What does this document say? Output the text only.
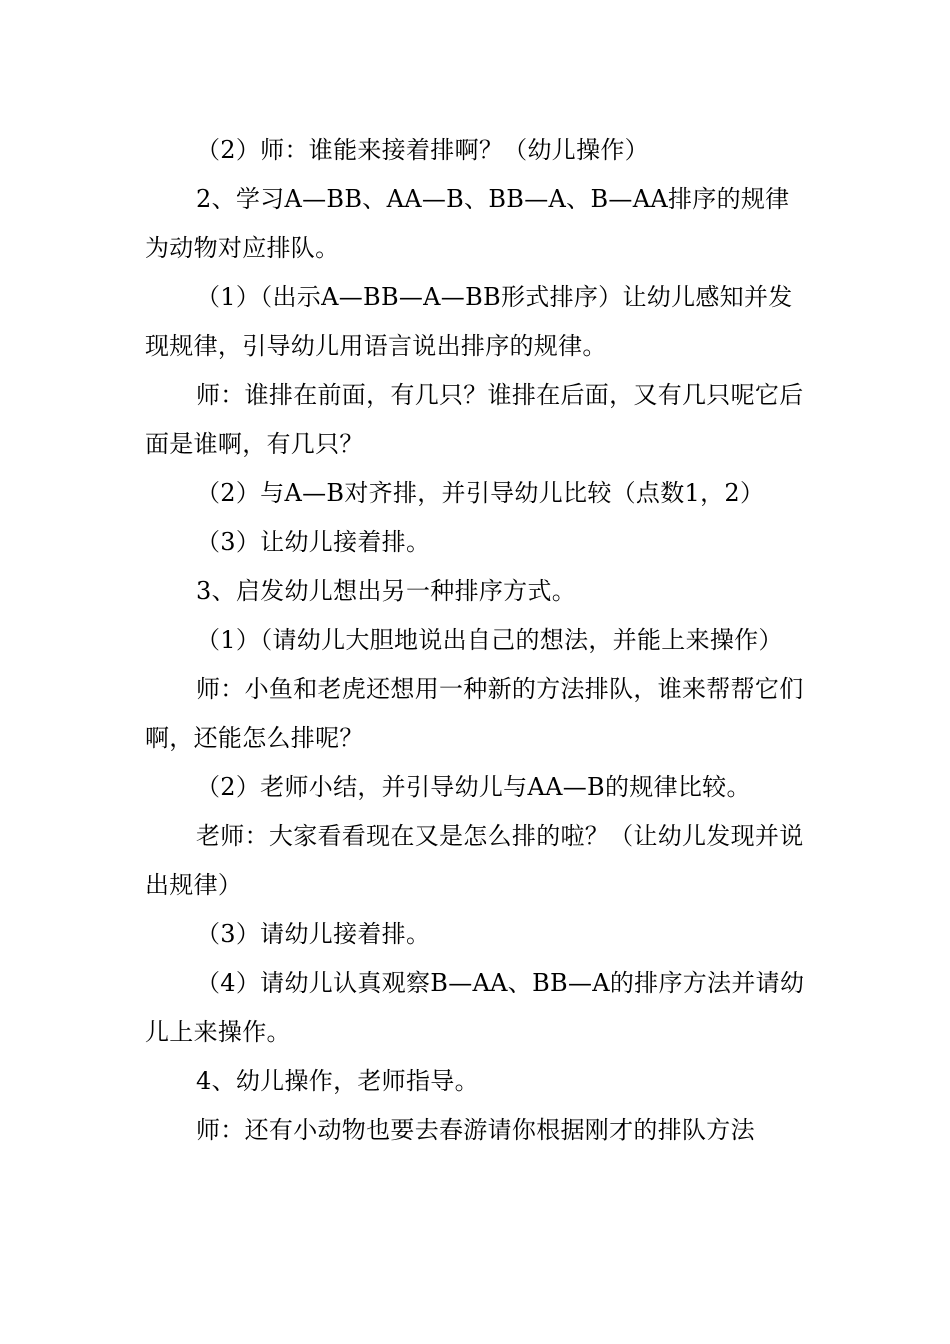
（2）师：谁能来接着排啊？（幼儿操作）

2、学习A—BB、AA—B、BB—A、B—AA排序的规律为动物对应排队。

（1）（出示A—BB—A—BB形式排序）让幼儿感知并发现规律，引导幼儿用语言说出排序的规律。

师：谁排在前面，有几只？谁排在后面，又有几只呢它后面是谁啊，有几只？

（2）与A—B对齐排，并引导幼儿比较（点数1，2）

（3）让幼儿接着排。

3、启发幼儿想出另一种排序方式。

（1）（请幼儿大胆地说出自己的想法，并能上来操作）

师：小鱼和老虎还想用一种新的方法排队，谁来帮帮它们啊，还能怎么排呢？

（2）老师小结，并引导幼儿与AA—B的规律比较。

老师：大家看看现在又是怎么排的啦？（让幼儿发现并说出规律）

（3）请幼儿接着排。

（4）请幼儿认真观察B—AA、BB—A的排序方法并请幼儿上来操作。

4、幼儿操作，老师指导。

师：还有小动物也要去春游请你根据刚才的排队方法
